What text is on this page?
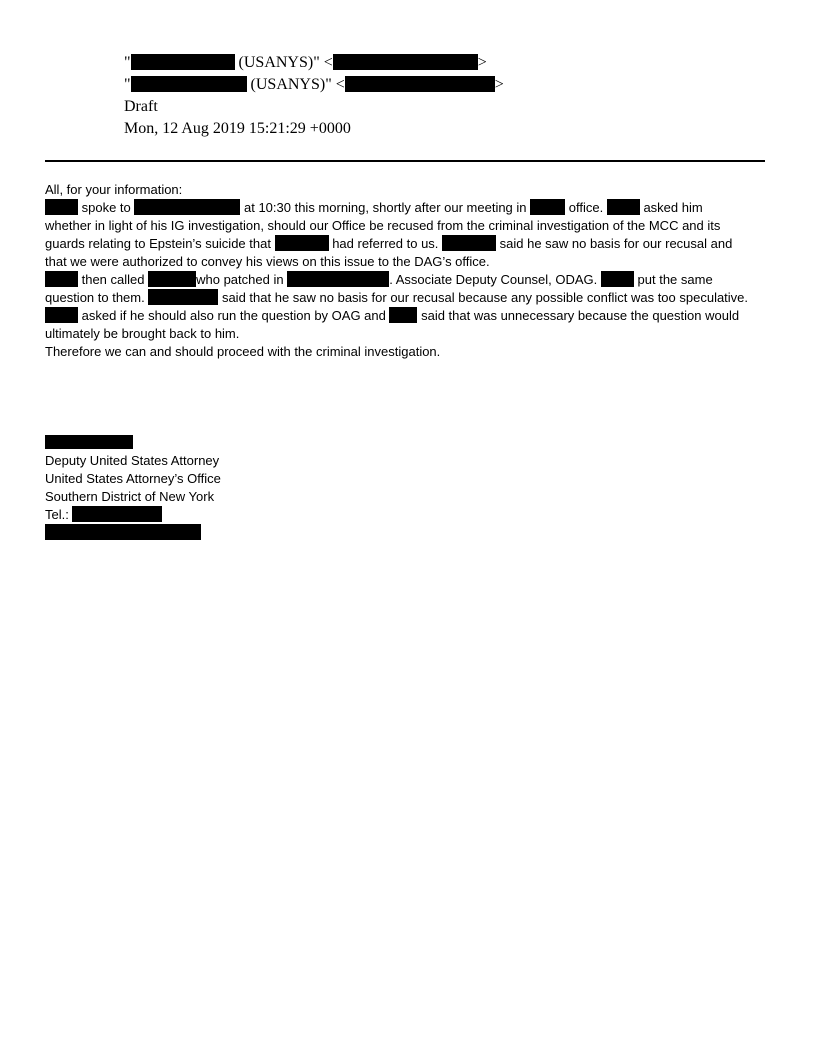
"	(USANYS)" <	>
"	(USANYS)" <	>
Draft
Mon, 12 Aug 2019 15:21:29 +0000
All, for your information:
spoke to	at 10:30 this morning, shortly after our meeting in	office.	asked him
whether in light of his IG investigation, should our Office be recused from the criminal investigation of the MCC and its
guards relating to Epstein’s suicide that	had referred to us.	said he saw no basis for our recusal and
that we were authorized to convey his views on this issue to the DAG’s office.
then called	who patched in	. Associate Deputy Counsel, ODAG.	put the same
question to them.	said that he saw no basis for our recusal because any possible conflict was too speculative.
asked if he should also run the question by OAG and  said that was unnecessary because the question would
ultimately be brought back to him.
Therefore we can and should proceed with the criminal investigation.
Deputy United States Attorney
United States Attorney’s Office
Southern District of New York
Tel.:
